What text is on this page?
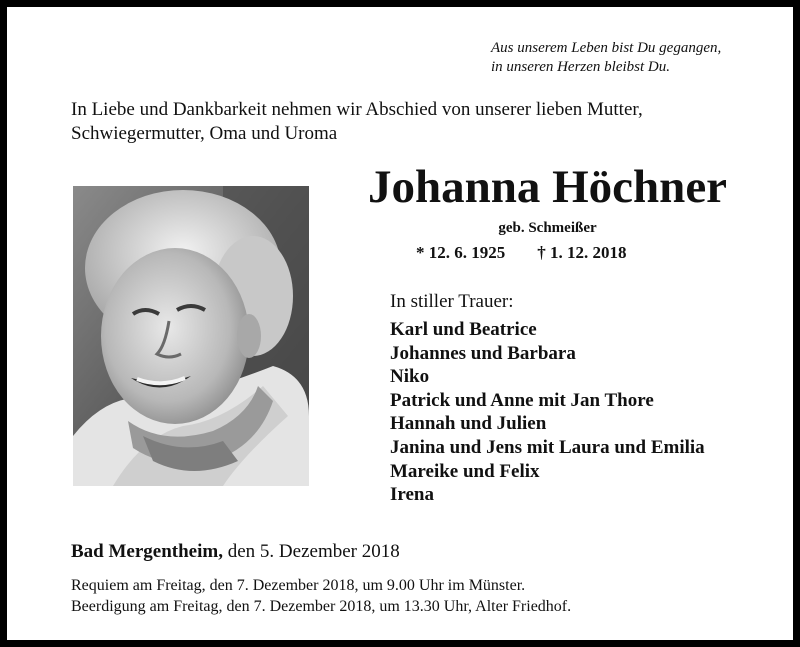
Aus unserem Leben bist Du gegangen,
in unseren Herzen bleibst Du.
In Liebe und Dankbarkeit nehmen wir Abschied von unserer lieben Mutter, Schwiegermutter, Oma und Uroma
Johanna Höchner
geb. Schmeißer
* 12. 6. 1925 † 1. 12. 2018
In stiller Trauer:
Karl und Beatrice
Johannes und Barbara
Niko
Patrick und Anne mit Jan Thore
Hannah und Julien
Janina und Jens mit Laura und Emilia
Mareike und Felix
Irena
Bad Mergentheim, den 5. Dezember 2018
Requiem am Freitag, den 7. Dezember 2018, um 9.00 Uhr im Münster.
Beerdigung am Freitag, den 7. Dezember 2018, um 13.30 Uhr, Alter Friedhof.
